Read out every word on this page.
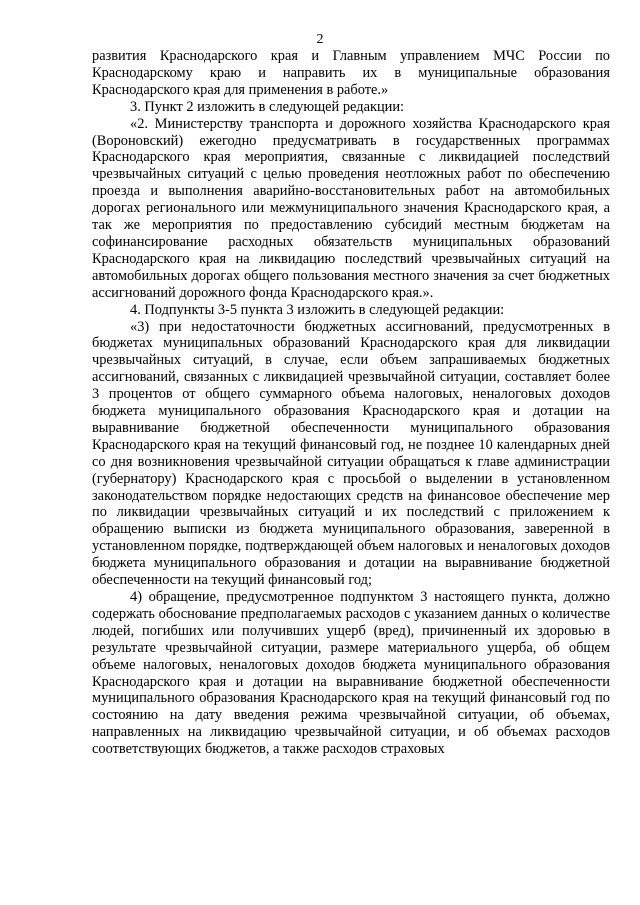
2

развития Краснодарского края и Главным управлением МЧС России по Краснодарскому краю и направить их в муниципальные образования Краснодарского края для применения в работе.»

3. Пункт 2 изложить в следующей редакции:

«2. Министерству транспорта и дорожного хозяйства Краснодарского края (Вороновский) ежегодно предусматривать в государственных программах Краснодарского края мероприятия, связанные с ликвидацией последствий чрезвычайных ситуаций с целью проведения неотложных работ по обеспечению проезда и выполнения аварийно-восстановительных работ на автомобильных дорогах регионального или межмуниципального значения Краснодарского края, а так же мероприятия по предоставлению субсидий местным бюджетам на софинансирование расходных обязательств муниципальных образований Краснодарского края на ликвидацию последствий чрезвычайных ситуаций на автомобильных дорогах общего пользования местного значения за счет бюджетных ассигнований дорожного фонда Краснодарского края.».

4. Подпункты 3-5 пункта 3 изложить в следующей редакции:

«3) при недостаточности бюджетных ассигнований, предусмотренных в бюджетах муниципальных образований Краснодарского края для ликвидации чрезвычайных ситуаций, в случае, если объем запрашиваемых бюджетных ассигнований, связанных с ликвидацией чрезвычайной ситуации, составляет более 3 процентов от общего суммарного объема налоговых, неналоговых доходов бюджета муниципального образования Краснодарского края и дотации на выравнивание бюджетной обеспеченности муниципального образования Краснодарского края на текущий финансовый год, не позднее 10 календарных дней со дня возникновения чрезвычайной ситуации обращаться к главе администрации (губернатору) Краснодарского края с просьбой о выделении в установленном законодательством порядке недостающих средств на финансовое обеспечение мер по ликвидации чрезвычайных ситуаций и их последствий с приложением к обращению выписки из бюджета муниципального образования, заверенной в установленном порядке, подтверждающей объем налоговых и неналоговых доходов бюджета муниципального образования и дотации на выравнивание бюджетной обеспеченности на текущий финансовый год;

4) обращение, предусмотренное подпунктом 3 настоящего пункта, должно содержать обоснование предполагаемых расходов с указанием данных о количестве людей, погибших или получивших ущерб (вред), причиненный их здоровью в результате чрезвычайной ситуации, размере материального ущерба, об общем объеме налоговых, неналоговых доходов бюджета муниципального образования Краснодарского края и дотации на выравнивание бюджетной обеспеченности муниципального образования Краснодарского края на текущий финансовый год по состоянию на дату введения режима чрезвычайной ситуации, об объемах, направленных на ликвидацию чрезвычайной ситуации, и об объемах расходов соответствующих бюджетов, а также расходов страховых
